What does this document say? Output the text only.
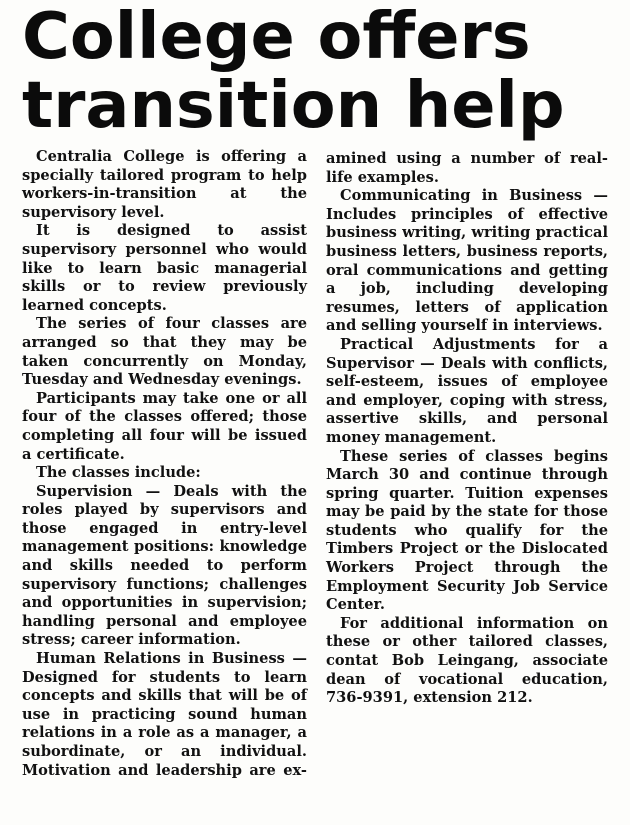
College offers
transition help

Centralia College is offering a specially tailored program to help workers-in-transition at the supervisory level.

It is designed to assist supervisory personnel who would like to learn basic managerial skills or to review previously learned concepts.

The series of four classes are arranged so that they may be taken concurrently on Monday, Tuesday and Wednesday evenings.

Participants may take one or all four of the classes offered; those completing all four will be issued a certificate.

The classes include:

Supervision — Deals with the roles played by supervisors and those engaged in entry-level management positions: knowledge and skills needed to perform supervisory functions; challenges and opportunities in supervision; handling personal and employee stress; career information.

Human Relations in Business — Designed for students to learn concepts and skills that will be of use in practicing sound human relations in a role as a manager, a subordinate, or an individual. Motivation and leadership are ex-

amined using a number of real-life examples.

Communicating in Business — Includes principles of effective business writing, writing practical business letters, business reports, oral communications and getting a job, including developing resumes, letters of application and selling yourself in interviews.

Practical Adjustments for a Supervisor — Deals with conflicts, self-esteem, issues of employee and employer, coping with stress, assertive skills, and personal money management.

These series of classes begins March 30 and continue through spring quarter. Tuition expenses may be paid by the state for those students who qualify for the Timbers Project or the Dislocated Workers Project through the Employment Security Job Service Center.

For additional information on these or other tailored classes, contat Bob Leingang, associate dean of vocational education, 736-9391, extension 212.
